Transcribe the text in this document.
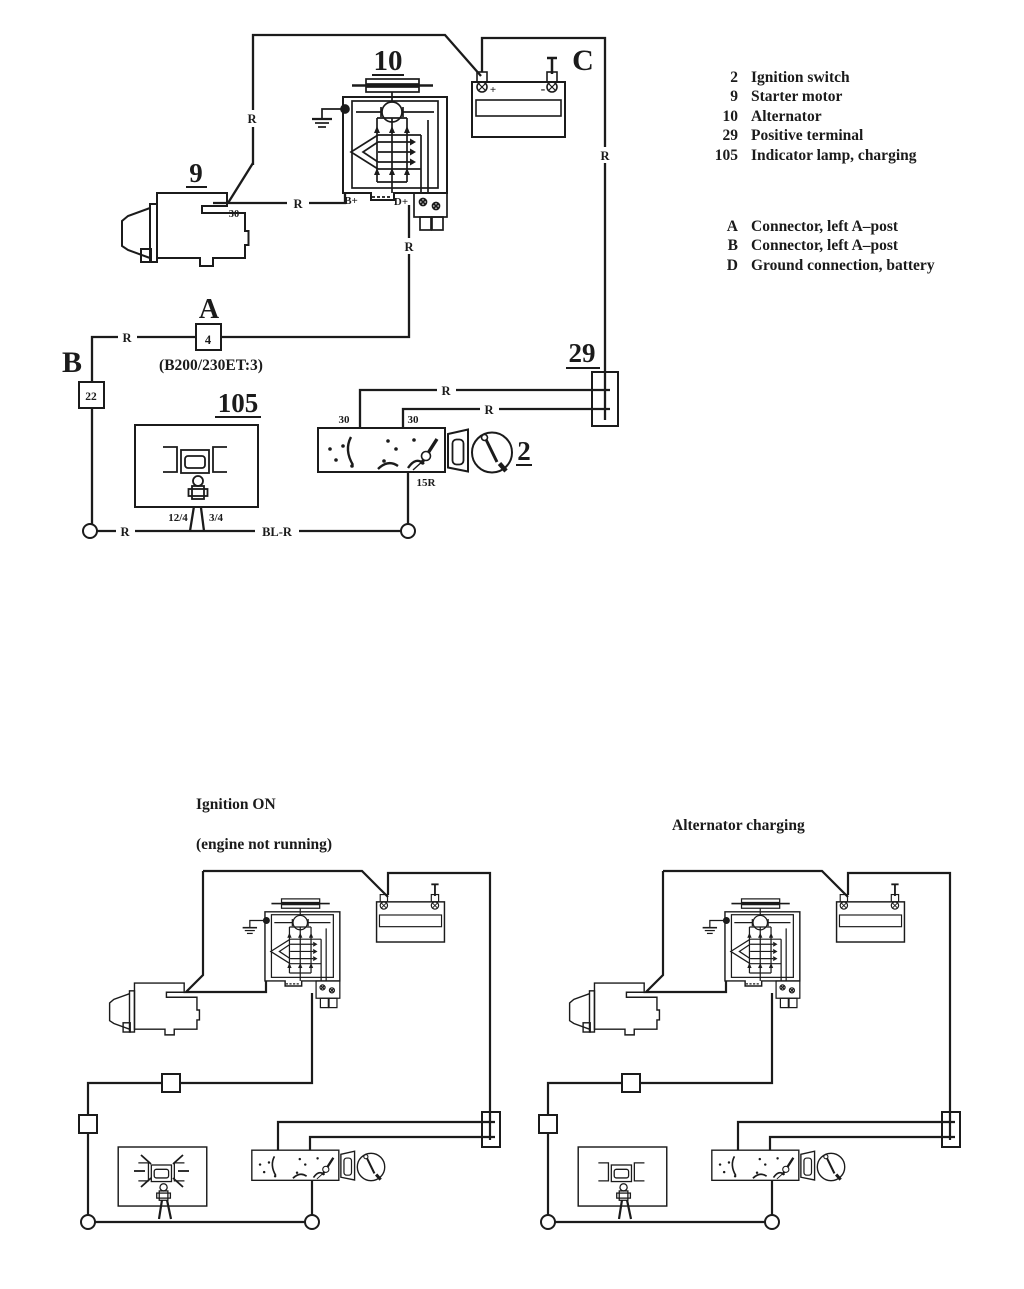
R
R
R
R
R
R
R
R	BL-R
30
B+	D+
30	30
15R
12/4 3/4
+	-
9
10
105
29
2
A
B
C
4
22
(B200/230ET:3)
2 Ignition switch
9 Starter motor
10 Alternator
29 Positive terminal
105 Indicator lamp, charging
A Connector, left A–post
B Connector, left A–post
D Ground connection, battery
Ignition ON

(engine not running)
Alternator charging
